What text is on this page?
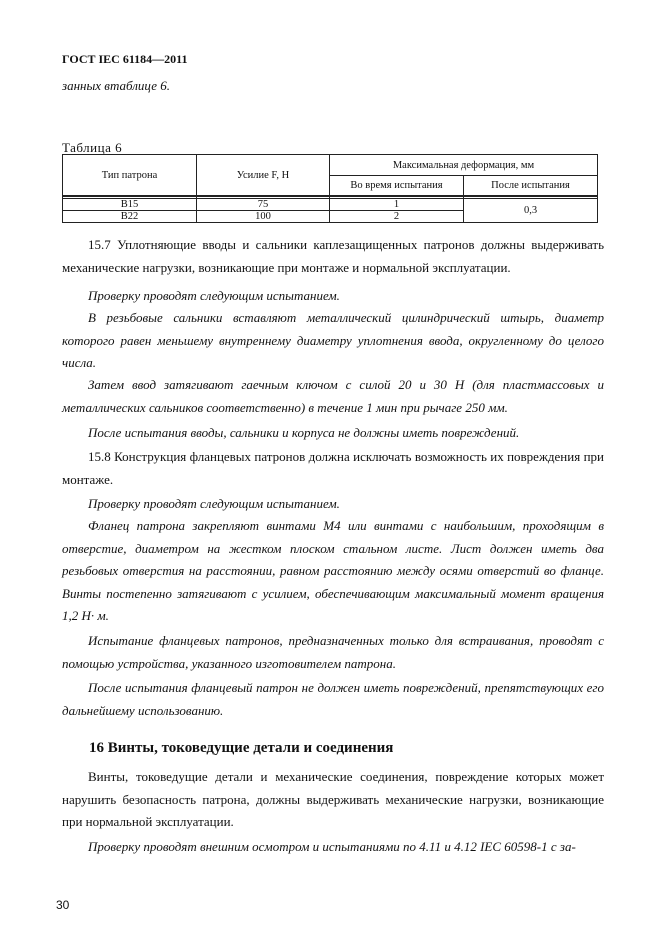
ГОСТ IEC 61184—2011
занных втаблице 6.
Таблица 6
Тип патрона	Усилие F, Н	Максимальная деформация, мм	
		Во время испытания	После испытания

B15	75	1	0,3
B22	100	2	
15.7 Уплотняющие вводы и сальники каплезащищенных патронов должны выдерживать механические нагрузки, возникающие при монтаже и нормальной эксплуатации.
Проверку проводят следующим испытанием.
В резьбовые сальники вставляют металлический цилиндрический штырь, диаметр которого равен меньшему внутреннему диаметру уплотнения ввода, округленному до целого числа.
Затем ввод затягивают гаечным ключом с силой 20 и 30 Н (для пластмассовых и металлических сальников соответственно) в течение 1 мин при рычаге 250 мм.
После испытания вводы, сальники и корпуса не должны иметь повреждений.
15.8 Конструкция фланцевых патронов должна исключать возможность их повреждения при монтаже.
Проверку проводят следующим испытанием.
Фланец патрона закрепляют винтами М4 или винтами с наибольшим, проходящим в отверстие, диаметром на жестком плоском стальном листе. Лист должен иметь два резьбовых отверстия на расстоянии, равном расстоянию между осями отверстий во фланце. Винты постепенно затягивают с усилием, обеспечивающим максимальный момент вращения 1,2 Н· м.
Испытание фланцевых патронов, предназначенных только для встраивания, проводят с помощью устройства, указанного изготовителем патрона.
После испытания фланцевый патрон не должен иметь повреждений, препятствующих его дальнейшему использованию.
16 Винты, токоведущие детали и соединения
Винты, токоведущие детали и механические соединения, повреждение которых может нарушить безопасность патрона, должны выдерживать механические нагрузки, возникающие при нормальной эксплуатации.
Проверку проводят внешним осмотром и испытаниями по 4.11 и 4.12 IEC 60598-1 с за-
30
